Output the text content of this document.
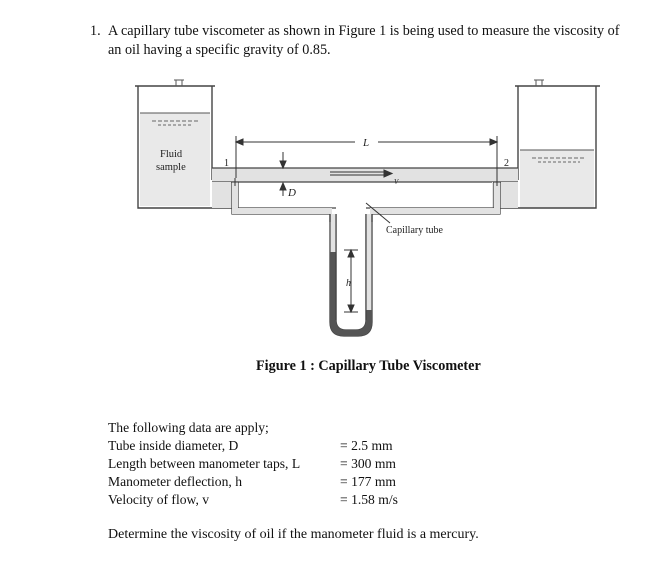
1. A capillary tube viscometer as shown in Figure 1 is being used to measure the viscosity of
an oil having a specific gravity of 0.85.
h
L
D
V
1	2
Fluid
sample
Capillary tube
Figure 1 : Capillary Tube Viscometer
The following data are apply;
Tube inside diameter, D	= 2.5 mm
Length between manometer taps, L	= 300 mm
Manometer deflection, h	= 177 mm
Velocity of flow, v	= 1.58 m/s
Determine the viscosity of oil if the manometer fluid is a mercury.
